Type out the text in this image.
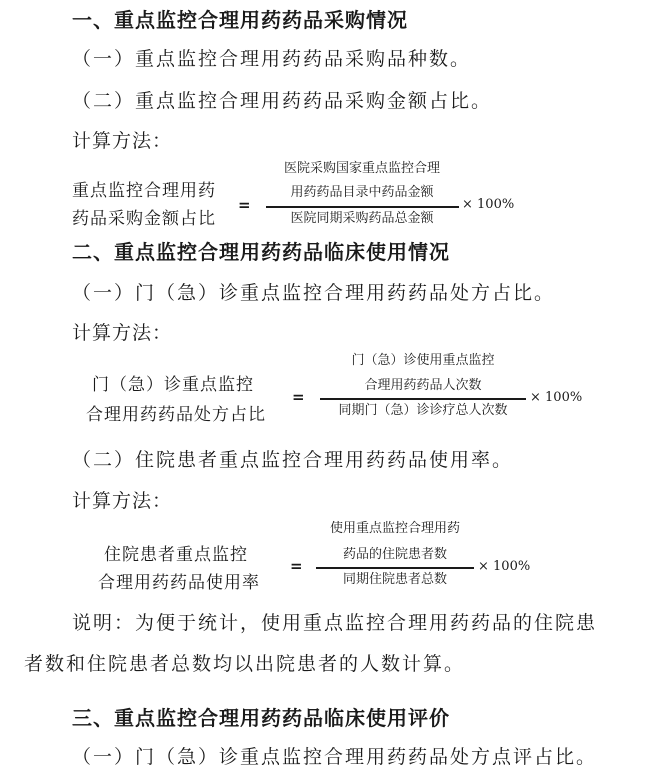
一、重点监控合理用药药品采购情况
（一）重点监控合理用药药品采购品种数。
（二）重点监控合理用药药品采购金额占比。
计算方法：
重点监控合理用药
药品采购金额占比
=
医院采购国家重点监控合理
用药药品目录中药品金额
医院同期采购药品总金额
× 100%
二、重点监控合理用药药品临床使用情况
（一）门（急）诊重点监控合理用药药品处方占比。
计算方法：
门（急）诊重点监控
合理用药药品处方占比
=
门（急）诊使用重点监控
合理用药药品人次数
同期门（急）诊诊疗总人次数
× 100%
（二）住院患者重点监控合理用药药品使用率。
计算方法：
住院患者重点监控
合理用药药品使用率
=
使用重点监控合理用药
药品的住院患者数
同期住院患者总数
× 100%
说明：为便于统计，使用重点监控合理用药药品的住院患
者数和住院患者总数均以出院患者的人数计算。
三、重点监控合理用药药品临床使用评价
（一）门（急）诊重点监控合理用药药品处方点评占比。
